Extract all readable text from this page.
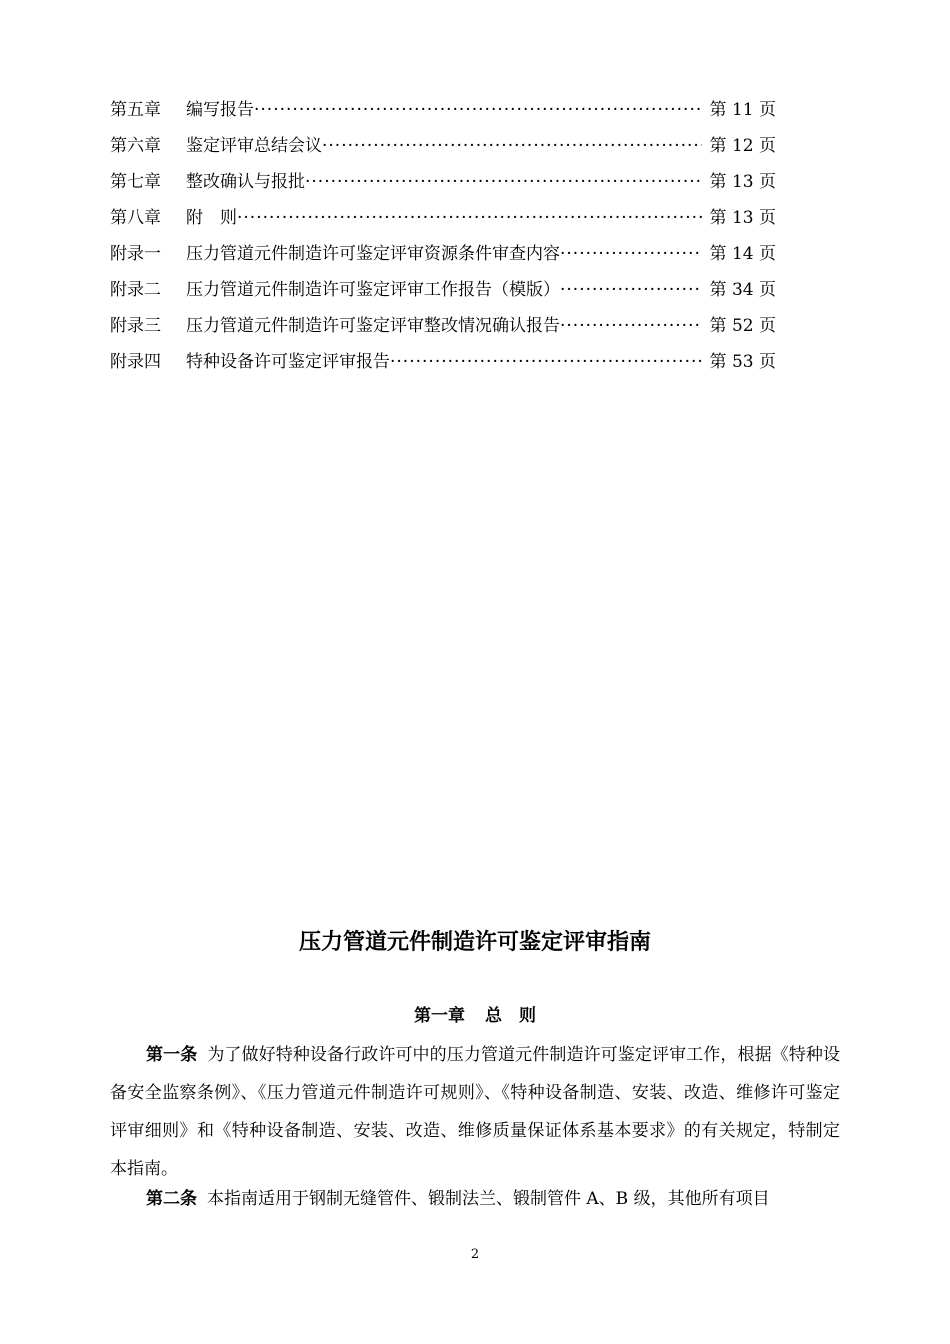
第五章	编写报告 ·····	第 11 页
第六章	鉴定评审总结会议 ·····	第 12 页
第七章	整改确认与报批 ·····	第 13 页
第八章	附　则 ·····	第 13 页
附录一	压力管道元件制造许可鉴定评审资源条件审查内容 ·····	第 14 页
附录二	压力管道元件制造许可鉴定评审工作报告（模版） ·····	第 34 页
附录三	压力管道元件制造许可鉴定评审整改情况确认报告 ·····	第 52 页
附录四	特种设备许可鉴定评审报告 ·····	第 53 页
压力管道元件制造许可鉴定评审指南
第一章 总　则
第一条 为了做好特种设备行政许可中的压力管道元件制造许可鉴定评审工作，根据《特种设备安全监察条例》、《压力管道元件制造许可规则》、《特种设备制造、安装、改造、维修许可鉴定评审细则》和《特种设备制造、安装、改造、维修质量保证体系基本要求》的有关规定，特制定本指南。
第二条 本指南适用于钢制无缝管件、锻制法兰、锻制管件 A、B 级，其他所有项目
2
